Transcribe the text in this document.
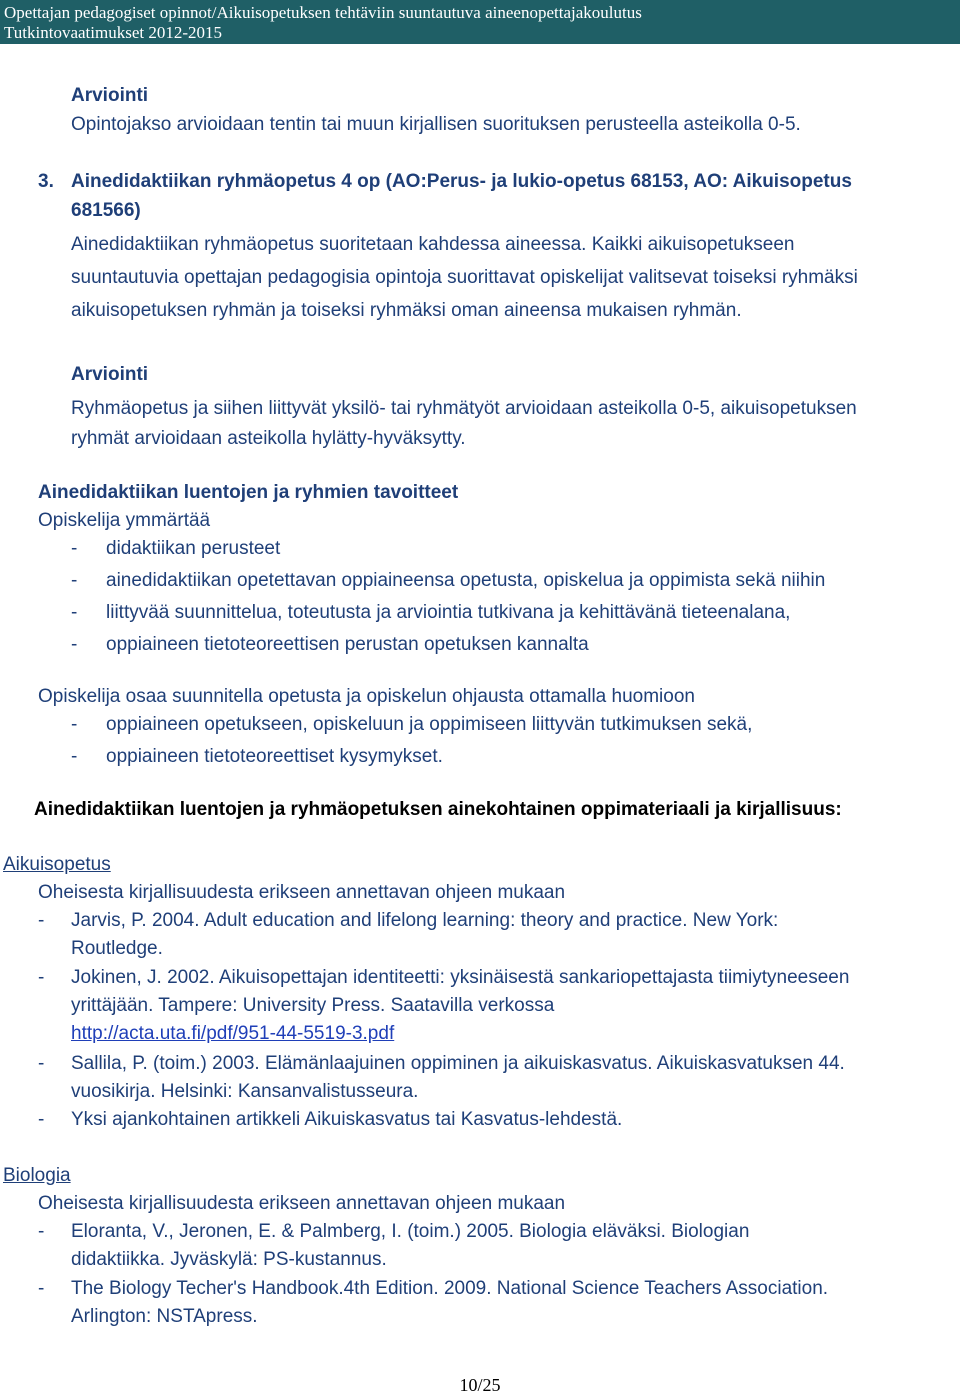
Opettajan pedagogiset opinnot/Aikuisopetuksen tehtäviin suuntautuva aineenopettajakoulutus
Tutkintovaatimukset 2012-2015
Arviointi
Opintojakso arvioidaan tentin tai muun kirjallisen suorituksen perusteella asteikolla 0-5.
3. Ainedidaktiikan ryhmäopetus 4 op (AO:Perus- ja lukio-opetus 68153, AO: Aikuisopetus
681566)
Ainedidaktiikan ryhmäopetus suoritetaan kahdessa aineessa. Kaikki aikuisopetukseen
suuntautuvia opettajan pedagogisia opintoja suorittavat opiskelijat valitsevat toiseksi ryhmäksi
aikuisopetuksen ryhmän ja toiseksi ryhmäksi oman aineensa mukaisen ryhmän.
Arviointi
Ryhmäopetus ja siihen liittyvät yksilö- tai ryhmätyöt arvioidaan asteikolla 0-5, aikuisopetuksen
ryhmät arvioidaan asteikolla hylätty-hyväksytty.
Ainedidaktiikan luentojen ja ryhmien tavoitteet
Opiskelija ymmärtää
- didaktiikan perusteet
- ainedidaktiikan opetettavan oppiaineensa opetusta, opiskelua ja oppimista sekä niihin
- liittyvää suunnittelua, toteutusta ja arviointia tutkivana ja kehittävänä tieteenalana,
- oppiaineen tietoteoreettisen perustan opetuksen kannalta
Opiskelija osaa suunnitella opetusta ja opiskelun ohjausta ottamalla huomioon
- oppiaineen opetukseen, opiskeluun ja oppimiseen liittyvän tutkimuksen sekä,
- oppiaineen tietoteoreettiset kysymykset.
Ainedidaktiikan luentojen ja ryhmäopetuksen ainekohtainen oppimateriaali ja kirjallisuus:
Aikuisopetus
Oheisesta kirjallisuudesta erikseen annettavan ohjeen mukaan
- Jarvis, P. 2004. Adult education and lifelong learning: theory and practice. New York:
Routledge.
- Jokinen, J. 2002. Aikuisopettajan identiteetti: yksinäisestä sankariopettajasta tiimiytyneeseen
yrittäjään. Tampere: University Press. Saatavilla verkossa
http://acta.uta.fi/pdf/951-44-5519-3.pdf
- Sallila, P. (toim.) 2003. Elämänlaajuinen oppiminen ja aikuiskasvatus. Aikuiskasvatuksen 44.
vuosikirja. Helsinki: Kansanvalistusseura.
- Yksi ajankohtainen artikkeli Aikuiskasvatus tai Kasvatus-lehdestä.
Biologia
Oheisesta kirjallisuudesta erikseen annettavan ohjeen mukaan
- Eloranta, V., Jeronen, E. & Palmberg, I. (toim.) 2005. Biologia eläväksi. Biologian
didaktiikka. Jyväskylä: PS-kustannus.
- The Biology Techer's Handbook.4th Edition. 2009. National Science Teachers Association.
Arlington: NSTApress.
10/25
